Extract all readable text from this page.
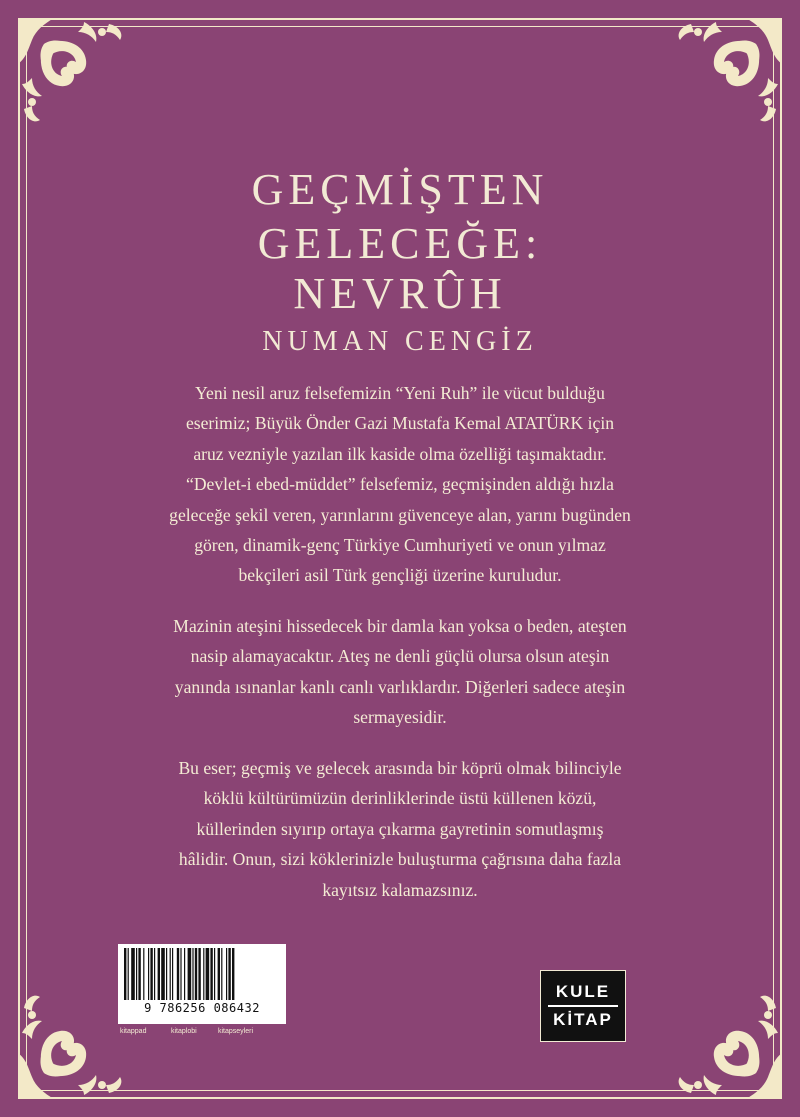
GEÇMİŞTEN
GELECEĞE:
NEVRÛH
NUMAN CENGİZ
Yeni nesil aruz felsefemizin “Yeni Ruh” ile vücut bulduğu
eserimiz; Büyük Önder Gazi Mustafa Kemal ATATÜRK için
aruz vezniyle yazılan ilk kaside olma özelliği taşımaktadır.
“Devlet-i ebed-müddet” felsefemiz, geçmişinden aldığı hızla
geleceğe şekil veren, yarınlarını güvenceye alan, yarını bugünden
gören, dinamik-genç Türkiye Cumhuriyeti ve onun yılmaz
bekçileri asil Türk gençliği üzerine kuruludur.
Mazinin ateşini hissedecek bir damla kan yoksa o beden, ateşten
nasip alamayacaktır. Ateş ne denli güçlü olursa olsun ateşin
yanında ısınanlar kanlı canlı varlıklardır. Diğerleri sadece ateşin
sermayesidir.
Bu eser; geçmiş ve gelecek arasında bir köprü olmak bilinciyle
köklü kültürümüzün derinliklerinde üstü küllenen közü,
küllerinden sıyırıp ortaya çıkarma gayretinin somutlaşmış
hâlidir. Onun, sizi köklerinizle buluşturma çağrısına daha fazla
kayıtsız kalamazsınız.
9 786256 086432
kitappad	kitaplobi	kitapseyleri
KULE
KİTAP
